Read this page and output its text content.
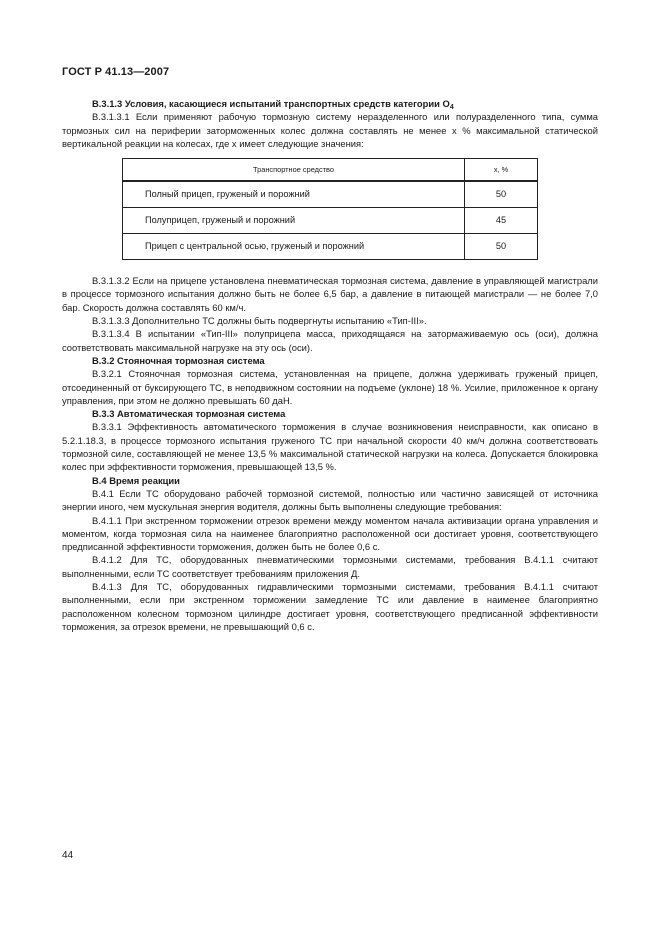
ГОСТ Р 41.13—2007

В.3.1.3 Условия, касающиеся испытаний транспортных средств категории $O_4$

В.3.1.3.1 Если применяют рабочую тормозную систему неразделенного или полуразделенного типа, сумма тормозных сил на периферии заторможенных колес должна составлять не менее x % максимальной статической вертикальной реакции на колесах, где x имеет следующие значения:

Транспортное средство	x, %
Полный прицеп, груженый и порожний	50
Полуприцеп, груженый и порожний	45
Прицеп с центральной осью, груженый и порожний	50

В.3.1.3.2 Если на прицепе установлена пневматическая тормозная система, давление в управляющей магистрали в процессе тормозного испытания должно быть не более 6,5 бар, а давление в питающей магистрали — не более 7,0 бар. Скорость должна составлять 60 км/ч.

В.3.1.3.3 Дополнительно ТС должны быть подвергнуты испытанию «Тип-III».

В.3.1.3.4 В испытании «Тип-III» полуприцепа масса, приходящаяся на затормаживаемую ось (оси), должна соответствовать максимальной нагрузке на эту ось (оси).

В.3.2 Стояночная тормозная система

В.3.2.1 Стояночная тормозная система, установленная на прицепе, должна удерживать груженый прицеп, отсоединенный от буксирующего ТС, в неподвижном состоянии на подъеме (уклоне) 18 %. Усилие, приложенное к органу управления, при этом не должно превышать 60 даН.

В.3.3 Автоматическая тормозная система

В.3.3.1 Эффективность автоматического торможения в случае возникновения неисправности, как описано в 5.2.1.18.3, в процессе тормозного испытания груженого ТС при начальной скорости 40 км/ч должна соответствовать тормозной силе, составляющей не менее 13,5 % максимальной статической нагрузки на колеса. Допускается блокировка колес при эффективности торможения, превышающей 13,5 %.

В.4 Время реакции

В.4.1 Если ТС оборудовано рабочей тормозной системой, полностью или частично зависящей от источника энергии иного, чем мускульная энергия водителя, должны быть выполнены следующие требования:

В.4.1.1 При экстренном торможении отрезок времени между моментом начала активизации органа управления и моментом, когда тормозная сила на наименее благоприятно расположенной оси достигает уровня, соответствующего предписанной эффективности торможения, должен быть не более 0,6 с.

В.4.1.2 Для ТС, оборудованных пневматическими тормозными системами, требования В.4.1.1 считают выполненными, если ТС соответствует требованиям приложения Д.

В.4.1.3 Для ТС, оборудованных гидравлическими тормозными системами, требования В.4.1.1 считают выполненными, если при экстренном торможении замедление ТС или давление в наименее благоприятно расположенном колесном тормозном цилиндре достигает уровня, соответствующего предписанной эффективности торможения, за отрезок времени, не превышающий 0,6 с.

44
